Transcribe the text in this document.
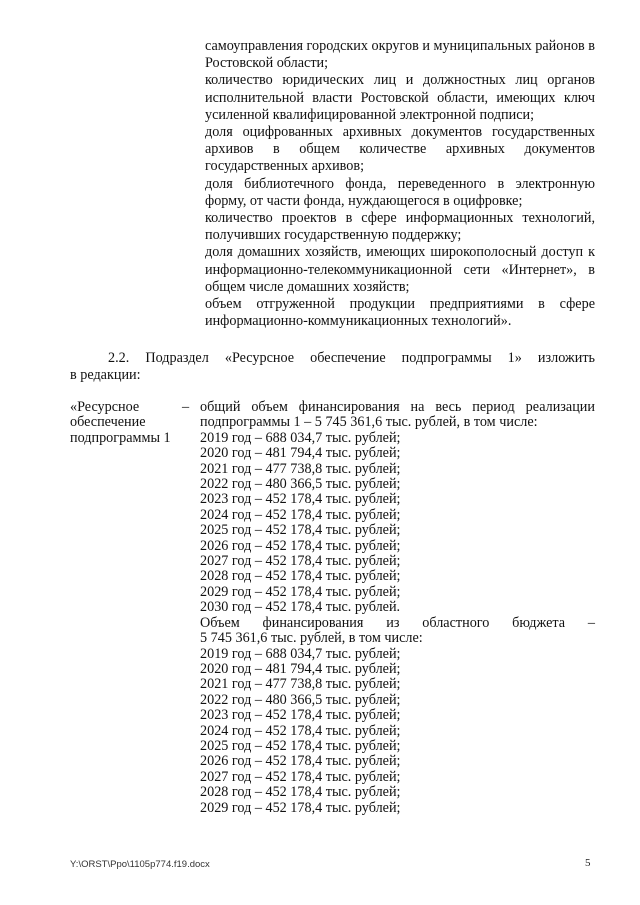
самоуправления городских округов и муниципальных районов в Ростовской области;

количество юридических лиц и должностных лиц органов исполнительной власти Ростовской области, имеющих ключ усиленной квалифицированной электронной подписи;

доля оцифрованных архивных документов государственных архивов в общем количестве архивных документов государственных архивов;

доля библиотечного фонда, переведенного в электронную форму, от части фонда, нуждающегося в оцифровке;

количество проектов в сфере информационных технологий, получивших государственную поддержку;

доля домашних хозяйств, имеющих широкополосный доступ к информационно-телекоммуникационной сети «Интернет», в общем числе домашних хозяйств;

объем отгруженной продукции предприятиями в сфере информационно-коммуникационных технологий».

2.2. Подраздел «Ресурсное обеспечение подпрограммы 1» изложить
в редакции:
«Ресурсное
обеспечение
подпрограммы 1
– общий объем финансирования на весь период реализации

подпрограммы 1 – 5 745 361,6 тыс. рублей, в том числе:

2019 год – 688 034,7 тыс. рублей;

2020 год – 481 794,4 тыс. рублей;

2021 год – 477 738,8 тыс. рублей;

2022 год – 480 366,5 тыс. рублей;

2023 год – 452 178,4 тыс. рублей;

2024 год – 452 178,4 тыс. рублей;

2025 год – 452 178,4 тыс. рублей;

2026 год – 452 178,4 тыс. рублей;

2027 год – 452 178,4 тыс. рублей;

2028 год – 452 178,4 тыс. рублей;

2029 год – 452 178,4 тыс. рублей;

2030 год – 452 178,4 тыс. рублей.

Объем финансирования из областного бюджета –

5 745 361,6 тыс. рублей, в том числе:

2019 год – 688 034,7 тыс. рублей;

2020 год – 481 794,4 тыс. рублей;

2021 год – 477 738,8 тыс. рублей;

2022 год – 480 366,5 тыс. рублей;

2023 год – 452 178,4 тыс. рублей;

2024 год – 452 178,4 тыс. рублей;

2025 год – 452 178,4 тыс. рублей;

2026 год – 452 178,4 тыс. рублей;

2027 год – 452 178,4 тыс. рублей;

2028 год – 452 178,4 тыс. рублей;

2029 год – 452 178,4 тыс. рублей;

Y:\ORST\Ppo\1105p774.f19.docx	5
